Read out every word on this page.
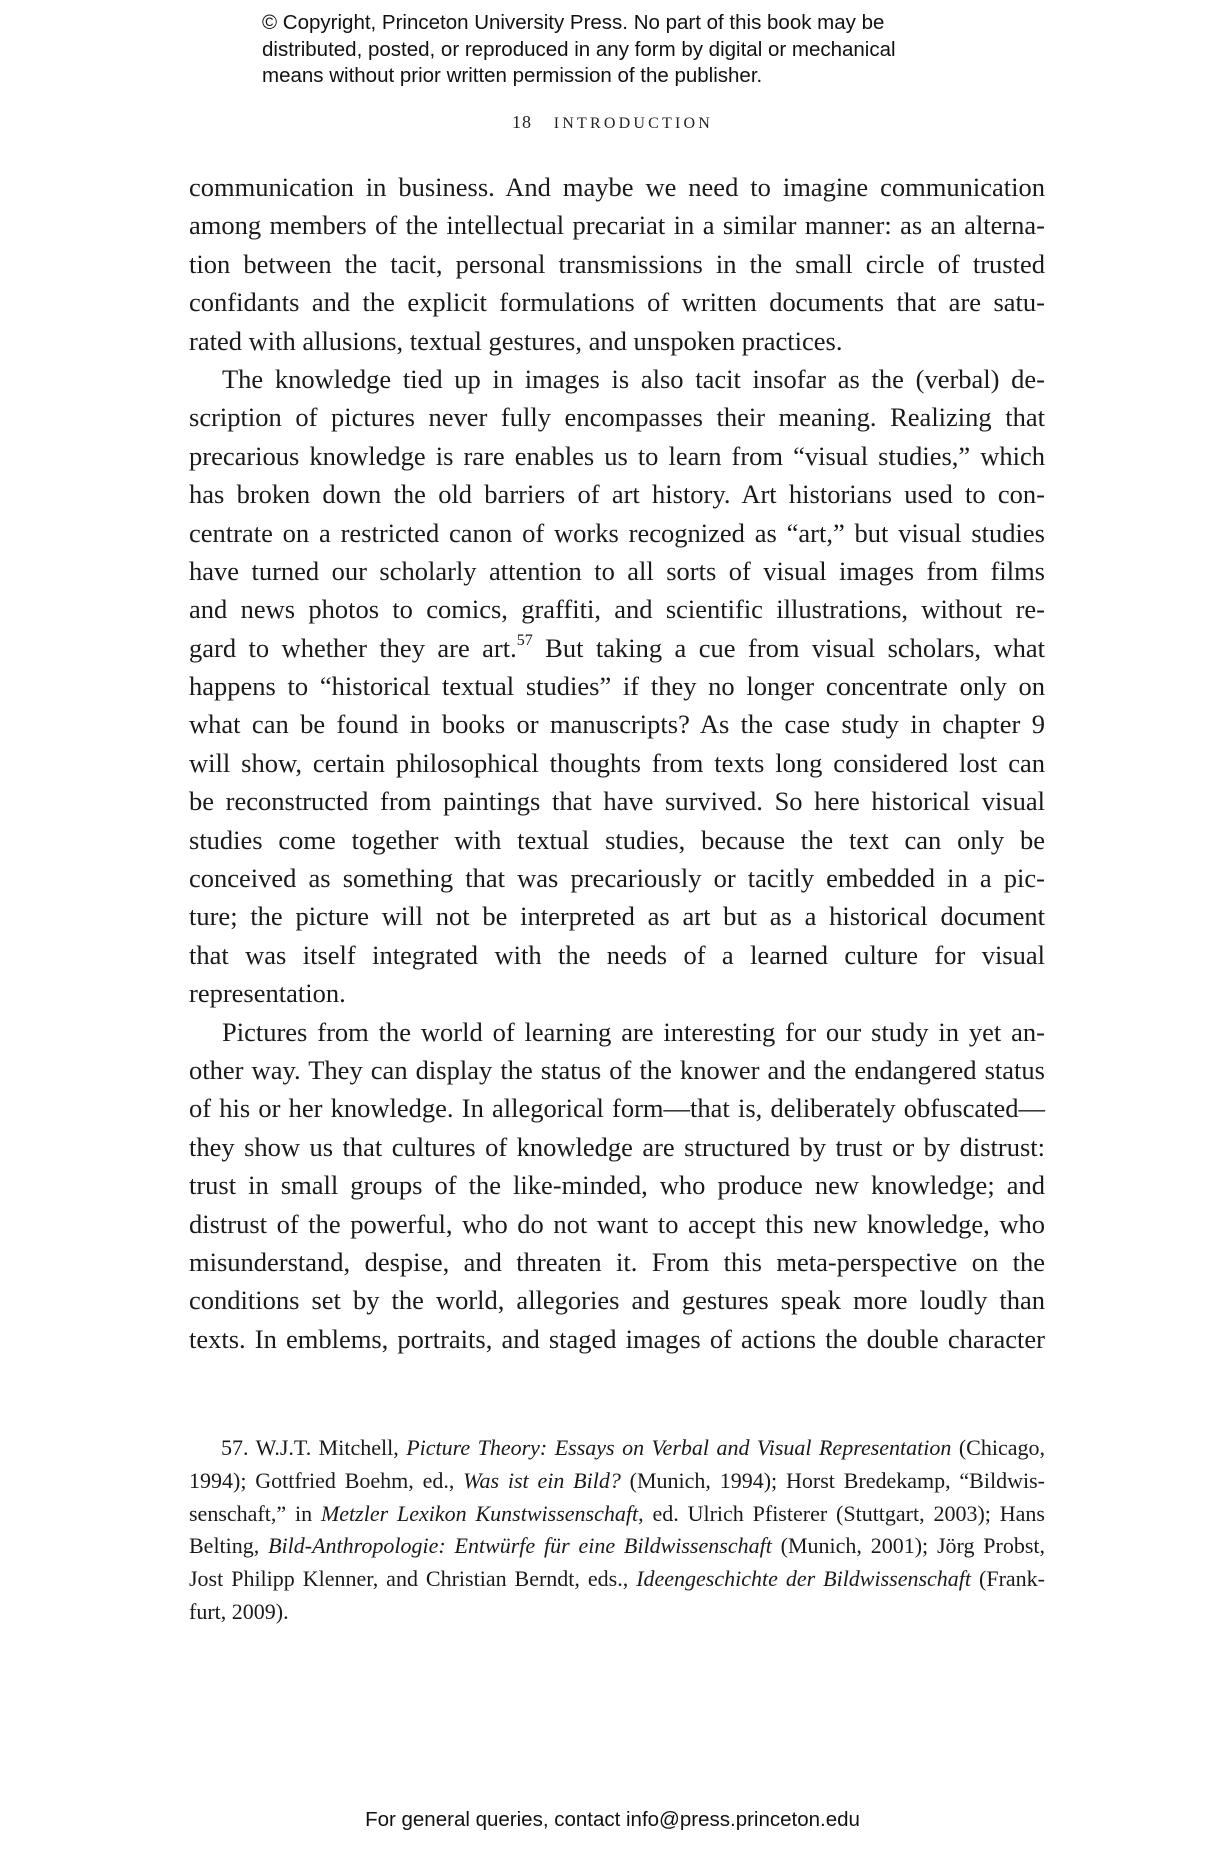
© Copyright, Princeton University Press. No part of this book may be
distributed, posted, or reproduced in any form by digital or mechanical
means without prior written permission of the publisher.
18 INTRODUCTION
communication in business. And maybe we need to imagine communication
among members of the intellectual precariat in a similar manner: as an alterna-
tion between the tacit, personal transmissions in the small circle of trusted
confidants and the explicit formulations of written documents that are satu-
rated with allusions, textual gestures, and unspoken practices.
The knowledge tied up in images is also tacit insofar as the (verbal) de-
scription of pictures never fully encompasses their meaning. Realizing that
precarious knowledge is rare enables us to learn from “visual studies,” which
has broken down the old barriers of art history. Art historians used to con-
centrate on a restricted canon of works recognized as “art,” but visual studies
have turned our scholarly attention to all sorts of visual images from films
and news photos to comics, graffiti, and scientific illustrations, without re-
gard to whether they are art.$^{57}$ But taking a cue from visual scholars, what
happens to “historical textual studies” if they no longer concentrate only on
what can be found in books or manuscripts? As the case study in chapter 9
will show, certain philosophical thoughts from texts long considered lost can
be reconstructed from paintings that have survived. So here historical visual
studies come together with textual studies, because the text can only be
conceived as something that was precariously or tacitly embedded in a pic-
ture; the picture will not be interpreted as art but as a historical document
that was itself integrated with the needs of a learned culture for visual
representation.
Pictures from the world of learning are interesting for our study in yet an-
other way. They can display the status of the knower and the endangered status
of his or her knowledge. In allegorical form—that is, deliberately obfuscated—
they show us that cultures of knowledge are structured by trust or by distrust:
trust in small groups of the like-minded, who produce new knowledge; and
distrust of the powerful, who do not want to accept this new knowledge, who
misunderstand, despise, and threaten it. From this meta-perspective on the
conditions set by the world, allegories and gestures speak more loudly than
texts. In emblems, portraits, and staged images of actions the double character
57. W.J.T. Mitchell, Picture Theory: Essays on Verbal and Visual Representation (Chicago,
1994); Gottfried Boehm, ed., Was ist ein Bild? (Munich, 1994); Horst Bredekamp, “Bildwis-
senschaft,” in Metzler Lexikon Kunstwissenschaft, ed. Ulrich Pfisterer (Stuttgart, 2003); Hans
Belting, Bild-Anthropologie: Entwürfe für eine Bildwissenschaft (Munich, 2001); Jörg Probst,
Jost Philipp Klenner, and Christian Berndt, eds., Ideengeschichte der Bildwissenschaft (Frank-
furt, 2009).
For general queries, contact info@press.princeton.edu
